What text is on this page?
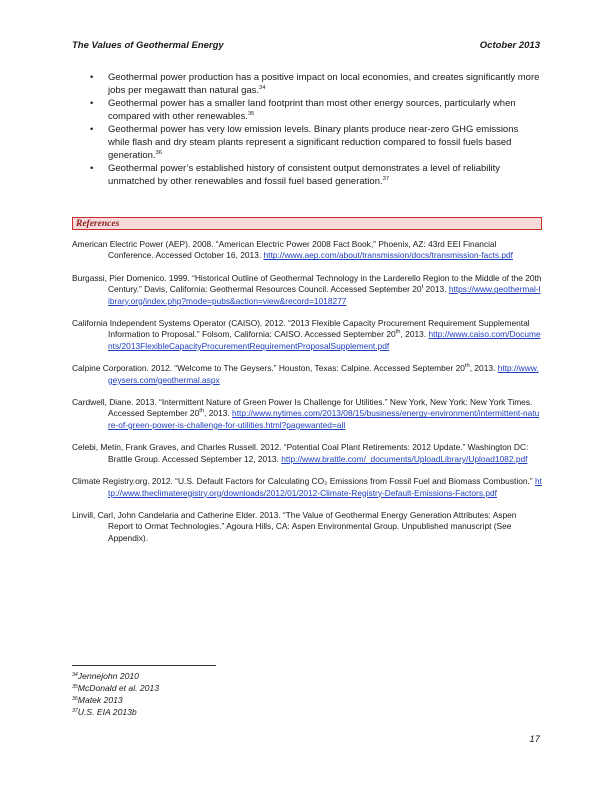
The Values of Geothermal Energy	October 2013
• Geothermal power production has a positive impact on local economies, and creates significantly more jobs per megawatt than natural gas.$^{34}$
• Geothermal power has a smaller land footprint than most other energy sources, particularly when compared with other renewables.$^{35}$
• Geothermal power has very low emission levels. Binary plants produce near-zero GHG emissions while flash and dry steam plants represent a significant reduction compared to fossil fuels based generation.$^{36}$
• Geothermal power’s established history of consistent output demonstrates a level of reliability unmatched by other renewables and fossil fuel based generation.$^{37}$
References
American Electric Power (AEP). 2008. “American Electric Power 2008 Fact Book,” Phoenix, AZ: 43rd EEI Financial Conference. Accessed October 16, 2013. http://www.aep.com/about/transmission/docs/transmission-facts.pdf
Burgassi, Pier Domenico. 1999. “Historical Outline of Geothermal Technology in the Larderello Region to the Middle of the 20th Century.” Davis, California: Geothermal Resources Council. Accessed September 20$^t$ 2013. https://www.geothermal-library.org/index.php?mode=pubs&action=view&record=1018277
California Independent Systems Operator (CAISO). 2012. “2013 Flexible Capacity Procurement Requirement Supplemental Information to Proposal.” Folsom, California: CAISO. Accessed September 20th, 2013. http://www.caiso.com/Documents/2013FlexibleCapacityProcurementRequirementProposalSupplement.pdf
Calpine Corporation. 2012. “Welcome to The Geysers.” Houston, Texas: Calpine. Accessed September 20th, 2013. http://www.geysers.com/geothermal.aspx
Cardwell, Diane. 2013. “Intermittent Nature of Green Power Is Challenge for Utilities.” New York, New York: New York Times. Accessed September 20th, 2013. http://www.nytimes.com/2013/08/15/business/energy-environment/intermittent-nature-of-green-power-is-challenge-for-utilities.html?pagewanted=all
Celebi, Metin, Frank Graves, and Charles Russell. 2012. “Potential Coal Plant Retirements: 2012 Update.” Washington DC: Brattle Group. Accessed September 12, 2013. http://www.brattle.com/_documents/UploadLibrary/Upload1082.pdf
Climate Registry.org. 2012. “U.S. Default Factors for Calculating CO₂ Emissions from Fossil Fuel and Biomass Combustion.” http://www.theclimateregistry.org/downloads/2012/01/2012-Climate-Registry-Default-Emissions-Factors.pdf
Linvill, Carl, John Candelaria and Catherine Elder. 2013. “The Value of Geothermal Energy Generation Attributes: Aspen Report to Ormat Technologies.” Agoura Hills, CA: Aspen Environmental Group. Unpublished manuscript (See Appendix).
$^{34}$Jennejohn 2010
$^{35}$McDonald et al. 2013
$^{36}$Matek 2013
$^{37}$U.S. EIA 2013b
17
